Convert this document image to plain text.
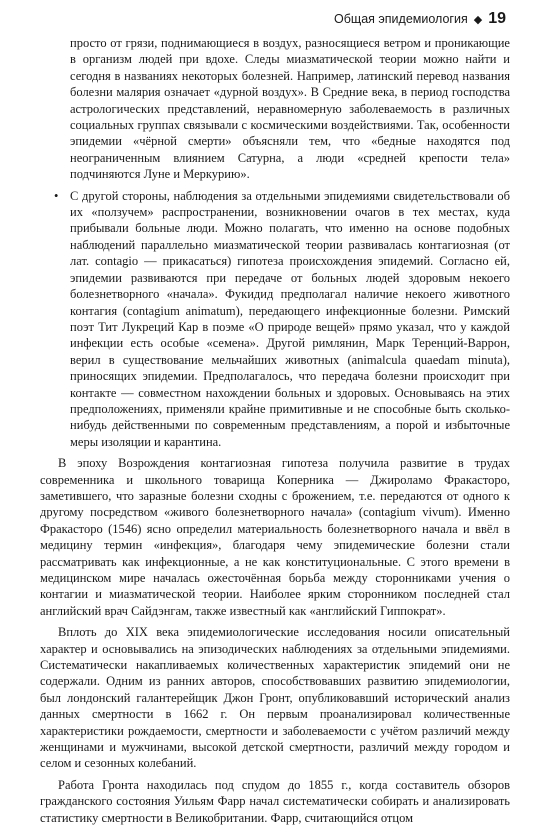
Общая эпидемиология ◆ 19

просто от грязи, поднимающиеся в воздух, разносящиеся ветром и проникающие в организм людей при вдохе. Следы миазматической теории можно найти и сегодня в названиях некоторых болезней. Например, латинский перевод названия болезни малярия означает «дурной воздух». В Средние века, в период господства астрологических представлений, неравномерную заболеваемость в различных социальных группах связывали с космическими воздействиями. Так, особенности эпидемии «чёрной смерти» объясняли тем, что «бедные находятся под неограниченным влиянием Сатурна, а люди «средней крепости тела» подчиняются Луне и Меркурию».

• С другой стороны, наблюдения за отдельными эпидемиями свидетельствовали об их «ползучем» распространении, возникновении очагов в тех местах, куда прибывали больные люди. Можно полагать, что именно на основе подобных наблюдений параллельно миазматической теории развивалась контагиозная (от лат. contagio — прикасаться) гипотеза происхождения эпидемий. Согласно ей, эпидемии развиваются при передаче от больных людей здоровым некоего болезнетворного «начала». Фукидид предполагал наличие некоего животного контагия (contagium animatum), передающего инфекционные болезни. Римский поэт Тит Лукреций Кар в поэме «О природе вещей» прямо указал, что у каждой инфекции есть особые «семена». Другой римлянин, Марк Теренций-Варрон, верил в существование мельчайших животных (animalcula quaedam minuta), приносящих эпидемии. Предполагалось, что передача болезни происходит при контакте — совместном нахождении больных и здоровых. Основываясь на этих предположениях, применяли крайне примитивные и не способные быть сколько-нибудь действенными по современным представлениям, а порой и избыточные меры изоляции и карантина.

В эпоху Возрождения контагиозная гипотеза получила развитие в трудах современника и школьного товарища Коперника — Джироламо Фракасторо, заметившего, что заразные болезни сходны с брожением, т.е. передаются от одного к другому посредством «живого болезнетворного начала» (contagium vivum). Именно Фракасторо (1546) ясно определил материальность болезнетворного начала и ввёл в медицину термин «инфекция», благодаря чему эпидемические болезни стали рассматривать как инфекционные, а не как конституциональные. С этого времени в медицинском мире началась ожесточённая борьба между сторонниками учения о контагии и миазматической теории. Наиболее ярким сторонником последней стал английский врач Сайдэнгам, также известный как «английский Гиппократ».

Вплоть до XIX века эпидемиологические исследования носили описательный характер и основывались на эпизодических наблюдениях за отдельными эпидемиями. Систематически накапливаемых количественных характеристик эпидемий они не содержали. Одним из ранних авторов, способствовавших развитию эпидемиологии, был лондонский галантерейщик Джон Гронт, опубликовавший исторический анализ данных смертности в 1662 г. Он первым проанализировал количественные характеристики рождаемости, смертности и заболеваемости с учётом различий между женщинами и мужчинами, высокой детской смертности, различий между городом и селом и сезонных колебаний.

Работа Гронта находилась под спудом до 1855 г., когда составитель обзоров гражданского состояния Уильям Фарр начал систематически собирать и анализировать статистику смертности в Великобритании. Фарр, считающийся отцом
